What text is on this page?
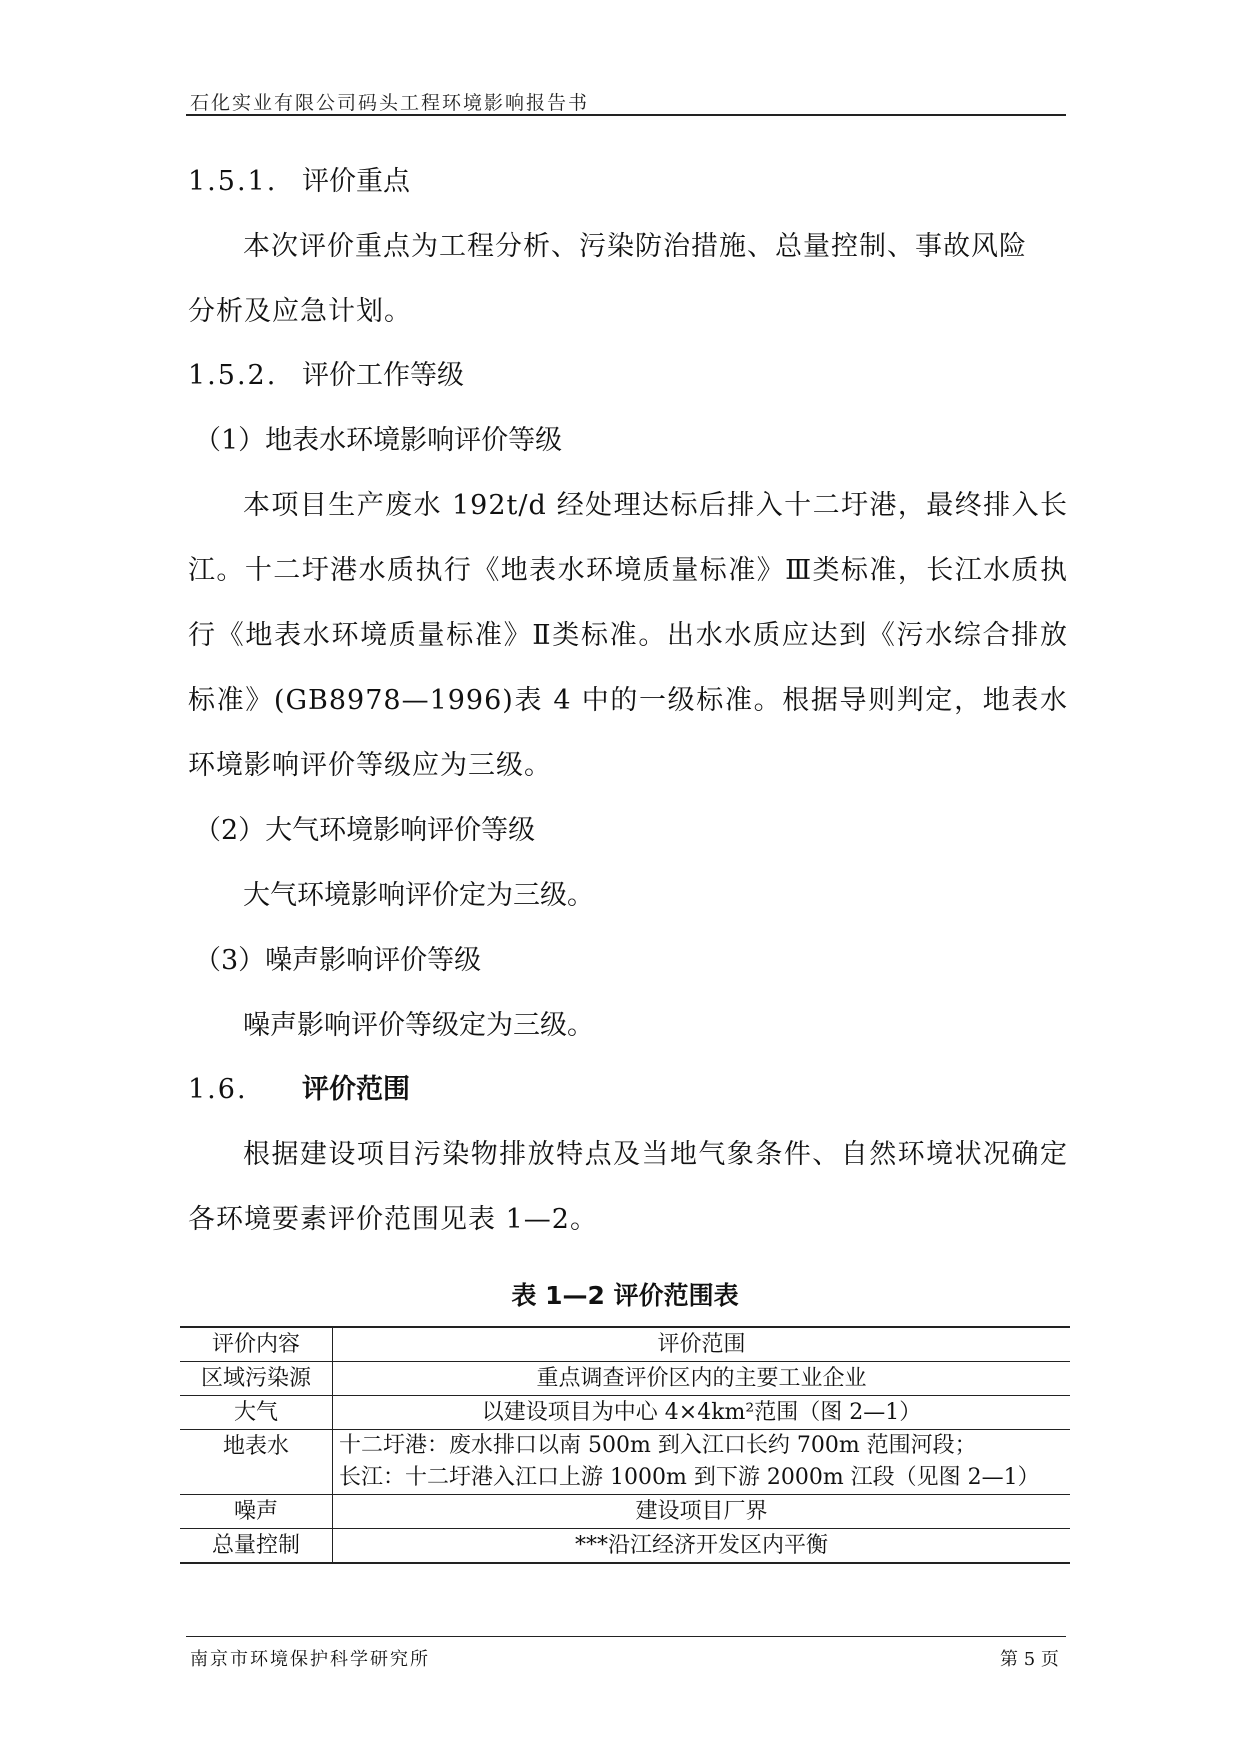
石化实业有限公司码头工程环境影响报告书
1.5.1. 评价重点
本次评价重点为工程分析、污染防治措施、总量控制、事故风险
分析及应急计划。
1.5.2. 评价工作等级
（1）地表水环境影响评价等级
本项目生产废水 192t/d 经处理达标后排入十二圩港，最终排入长江。十二圩港水质执行《地表水环境质量标准》Ⅲ类标准，长江水质执行《地表水环境质量标准》Ⅱ类标准。出水水质应达到《污水综合排放标准》(GB8978—1996)表 4 中的一级标准。根据导则判定，地表水环境影响评价等级应为三级。
（2）大气环境影响评价等级
大气环境影响评价定为三级。
（3）噪声影响评价等级
噪声影响评价等级定为三级。
1.6. 评价范围
根据建设项目污染物排放特点及当地气象条件、自然环境状况确定各环境要素评价范围见表 1—2。
表 1—2 评价范围表
评价内容	评价范围
区域污染源	重点调查评价区内的主要工业企业
大气	以建设项目为中心 4×4km²范围（图 2—1）
地表水	十二圩港：废水排口以南 500m 到入江口长约 700m 范围河段；
长江：十二圩港入江口上游 1000m 到下游 2000m 江段（见图 2—1）

噪声	建设项目厂界
总量控制	***沿江经济开发区内平衡
南京市环境保护科学研究所	第 5 页
